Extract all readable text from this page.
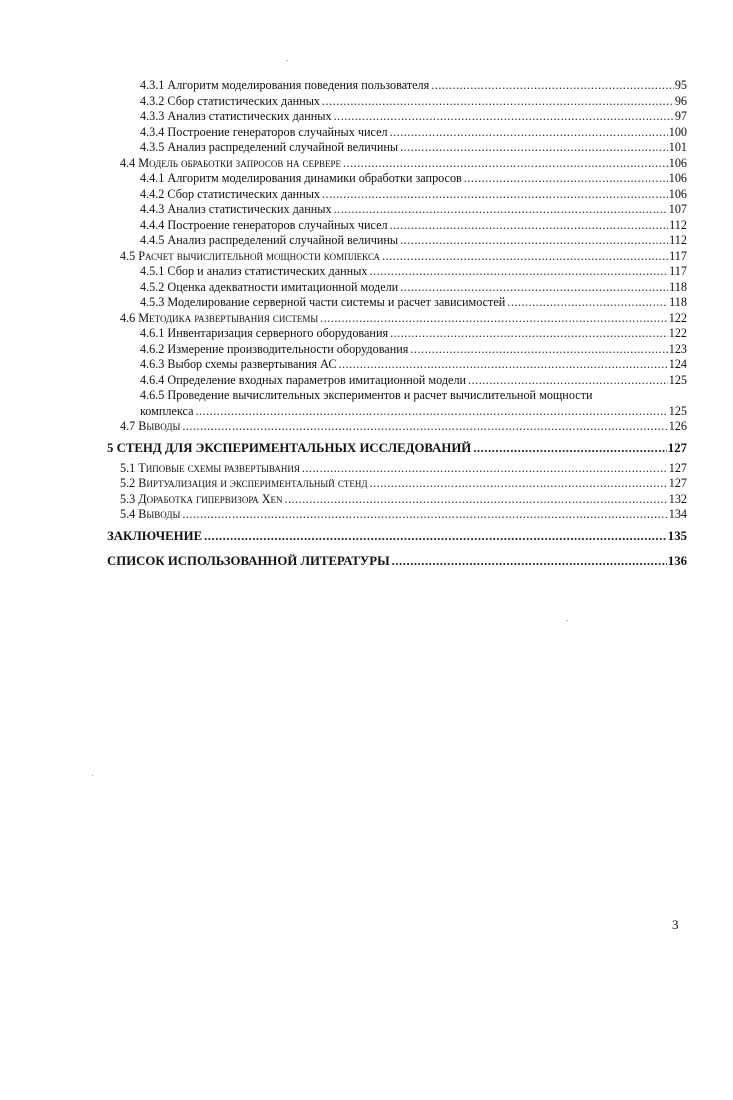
4.3.1 Алгоритм моделирования поведения пользователя .....	95
4.3.2 Сбор статистических данных .....	96
4.3.3 Анализ статистических данных .....	97
4.3.4 Построение генераторов случайных чисел .....	100
4.3.5 Анализ распределений случайной величины .....	101
4.4 Модель обработки запросов на сервере .....	106
4.4.1 Алгоритм моделирования динамики обработки запросов .....	106
4.4.2 Сбор статистических данных .....	106
4.4.3 Анализ статистических данных .....	107
4.4.4 Построение генераторов случайных чисел .....	112
4.4.5 Анализ распределений случайной величины .....	112
4.5 Расчет вычислительной мощности комплекса .....	117
4.5.1 Сбор и анализ статистических данных .....	117
4.5.2 Оценка адекватности имитационной модели .....	118
4.5.3 Моделирование серверной части системы и расчет зависимостей .....	118
4.6 Методика развертывания системы .....	122
4.6.1 Инвентаризация серверного оборудования .....	122
4.6.2 Измерение производительности оборудования .....	123
4.6.3 Выбор схемы развертывания АС .....	124
4.6.4 Определение входных параметров имитационной модели .....	125
4.6.5 Проведение вычислительных экспериментов и расчет вычислительной мощности
комплекса .....	125
4.7 Выводы .....	126
5 СТЕНД ДЛЯ ЭКСПЕРИМЕНТАЛЬНЫХ ИССЛЕДОВАНИЙ .....	127
5.1 Типовые схемы развертывания .....	127
5.2 Виртуализация и экспериментальный стенд .....	127
5.3 Доработка гипервизора Xen .....	132
5.4 Выводы .....	134
ЗАКЛЮЧЕНИЕ .....	135
СПИСОК ИСПОЛЬЗОВАННОЙ ЛИТЕРАТУРЫ .....	136
3
